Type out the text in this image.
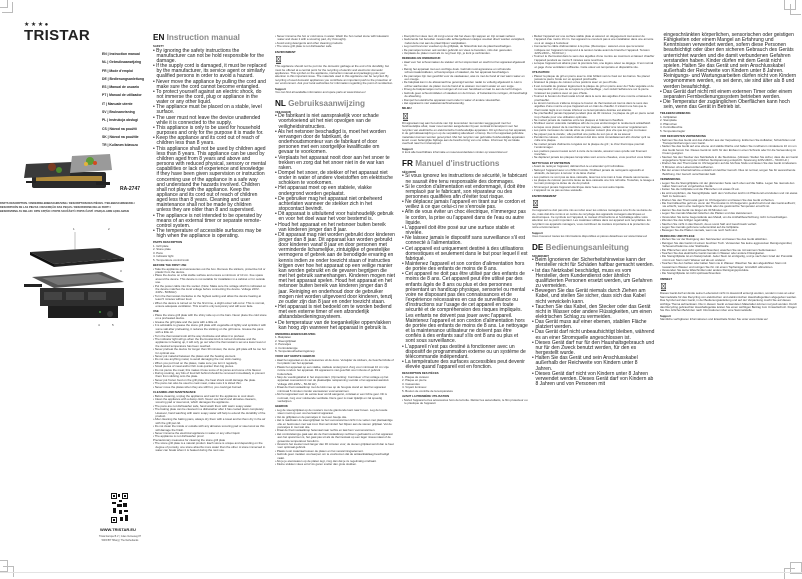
★★★●
TRISTAR
EN | Instruction manual
NL | Gebruiksaanwijzing
FR | Mode d'emploi
DE | Bedienungsanleitung
ES | Manual de usuario
PT | Manual de utilizador
IT | Manuale utente
SV | Bruksanvisning
PL | Instrukcja obsługi
CS | Návod na použití
SK | Návod na použitie
TR | Kullanım kılavuzu
RA-2747
PARTS DESCRIPTION / ONDERDELENBESCHRIJVING / DESCRIPTION DES PIÈCES / TEILEBESCHREIBUNG /
DESCRIPCIÓN DE LAS PIEZAS / DESCRIÇÃO DAS PEÇAS / DESCRIZIONE DELLE PARTI /
BESKRIVNING AV DELAR / OPIS CZĘŚCI / POPIS SOUČÁSTÍ / POPIS ČASTÍ / PARÇALARIN AÇIKLAMASI
1	2
3
4	5
WWW.TRISTAR.EU
Tristar Europe B.V. | Jules Verneweg 87
5015 BH Tilburg | The Netherlands
EN Instruction manual
SAFETY
• By ignoring the safety instructions the manufacturer can not be hold responsible for the damage.
• If the supply cord is damaged, it must be replaced by the manufacturer, its service agent or similarly qualified persons in order to avoid a hazard.
• Never move the appliance by pulling the cord and make sure the cord cannot become entangled.
• To protect yourself against an electric shock, do not immerse the cord, plug or appliance in the water or any other liquid.
• The appliance must be placed on a stable, level surface.
• The user must not leave the device unattended while it is connected to the supply.
• This appliance is only to be used for household purposes and only for the purpose it is made for.
• Keep the appliance and its cord out of reach of children less than 8 years.
• This appliance shall not be used by children aged less than 8 years. This appliance can be used by children aged from 8 years and above and persons with reduced physical, sensory or mental capabilities or lack of experience and knowledge if they have been given supervision or instruction concerning use of the appliance in a safe way and understand the hazards involved. Children shall not play with the appliance. Keep the appliance and its cord out of reach of children aged less than 8 years. Cleaning and user maintenance shall not be made by children unless they are older than 8 and supervised.
• The appliance is not intended to be operated by means of an external timer or separate remote-control system.
• The temperature of accessible surfaces may be high when the appliance is operating.
PARTS DESCRIPTION
1. Grill plate
2. Stone plate
3. Pans
4. Indicator light
5. Temperature control knob
BEFORE THE FIRST USE
• Take the appliance and accessories out the box. Remove the stickers, protective foil or plastic from the device.
• Place the device on a flat stable surface and ensure a minimum of 10 cm. free space around the device. This device is not suitable for installation in a cabinet or for outside use.
• Put the power cable into the socket. (Note: Make sure the voltage which is indicated on the device matches the local voltage before connecting the device. Voltage 220V-240V~ 50/60Hz)
• Turn the thermostat clockwise to the highest setting and allow the device heating at least 5 minutes without food.
• When the device is turned on for the first time, a slight odour will occur. This is normal, ensure adequate ventilation. This smell is only temporary and will soon fade.
USE
• Place the stone grill plate with the shiny side up on the bars. Never place the cold stone on a preheated device.
• Grease the grill plate and the pans with a little oil.
• It is advisable to grease the stone grill plate with vegetable oil lightly and sprinkle it with some salt after preheating, it reduces the sticking on the grill stone. Grease the pans with a little oil.
• Turn the thermostat knob all the way clockwise and allow it to preheat.
• The indicator light will go when the thermostat knob is turned clockwise and the appliance is heating up, it will only go out when the thermostat is set at a lower level or the desired temperature has been reached.
• Never preheat the device for longer than 30 minutes; the stone grill plate will be too hot for optimal use.
• Never put material between the plates and the heating element.
• Do not use anything metal, to avoid damaging the non stick coating.
• When you put food on the plates, make sure you turn it regularly.
• Small pieces of meat and/or fish cook quicker than big pieces.
• Do not pierce the meat; this makes it lose some of its juices and some of its flavour.
• During cooking, any bits of food left behind should be removed immediately to prevent them from sticking onto the plate.
• Never put frozen food on the grill plate, the heat shock could damage the plate.
• The pans can also be used to cook meat, make sure it is sliced thin.
• Never move the plates when they are still hot, you could get burned.
CLEANING AND MAINTENANCE
• Before cleaning, unplug the appliance and wait for the appliance to cool down.
• Clean the appliance with a damp cloth. Never use harsh and abrasive cleaners, scouring pad or steel wool, which damages the appliance.
• The pans are not dishwasher safe, hand wash them with warm soapy water.
• The baking plate can be cleaned in a dishwasher after it has cooled down completely. However, hand washing with warm soapy water will help to extend the durability of the product.
• After cleaning the baking pans, always dry them with a towel and let them dry in the air with the grill pan lid.
• Do not clean the inside or outside with any abrasive scouring pad or steel wool as this will damage the finish.
• Never immerse the electrical appliance in water or any other liquid.
• The appliance is not dishwasher proof.
Precautionary measures for cleaning the stone grill plate
• The stone grill plate is a natural product. Each stone is unique and depending on the degree of porosity, one stone absorbs more water than the other. A stone immersed in water can break when it is heated during the next use.
• Never immerse the hot or cold stone in water. Wash the hot cooled stone with lukewarm water and clean it with a scouring pad, dry thoroughly.
• Avoid using detergents and other cleaning products.
• The stone grill plate is not dishwasher safe.
ENVIRONMENT
This appliance should not be put into the domestic garbage at the end of its durability, but must be offered at a central point for the recycling of electric and electronic domestic appliances. This symbol on the appliance, instruction manual and packaging puts your attention to this important issue. The materials used in this appliance can be recycled. By recycling of used domestic appliances you contribute an important push to the protection of our environment. Ask your local authorities for information regarding the point of recollection.
Support
You can find all available information and spare parts at www.tristar.eu!
NL Gebruiksaanwijzing
VEILIGHEID
• De fabrikant is niet aansprakelijk voor schade voortvloeiend uit het niet opvolgen van de veiligheidsinstructies.
• Als het netsnoer beschadigd is, moet het worden vervangen door de fabrikant, de onderhoudsmonteur van de fabrikant of door personen met een soortgelijke kwalificatie om gevaar te voorkomen.
• Verplaats het apparaat nooit door aan het snoer te trekken en zorg dat het snoer niet in de war kan raken.
• Dompel het snoer, de stekker of het apparaat niet onder in water of andere vloeistoffen om elektrische schokken te voorkomen.
• Het apparaat moet op een stabiele, vlakke ondergrond worden geplaatst.
• De gebruiker mag het apparaat niet onbeheerd achterlaten wanneer de stekker zich in het stopcontact bevindt.
• Dit apparaat is uitsluitend voor huishoudelijk gebruik en voor het doel waar het voor bestemd is.
• Houd het apparaat en het netsnoer buiten bereik van kinderen jonger dan 8 jaar.
• Dit apparaat mag niet worden gebruikt door kinderen jonger dan 8 jaar. Dit apparaat kan worden gebruikt door kinderen vanaf 8 jaar en door personen met verminderde lichamelijke, zintuiglijke of geestelijke vermogens of gebrek aan de benodigde ervaring en kennis indien ze onder toezicht staan of instructies krijgen over hoe het apparaat op een veilige manier kan worden gebruikt en de gevaren begrijpen die met het gebruik samenhangen. Kinderen mogen niet met het apparaat spelen. Houd het apparaat en het netsnoer buiten bereik van kinderen jonger dan 8 jaar. Reiniging en onderhoud door de gebruiker mogen niet worden uitgevoerd door kinderen, tenzij ze ouder zijn dan 8 jaar en onder toezicht staan.
• Het apparaat is niet bedoeld om te worden bediend met een externe timer of een afzonderlijk afstandsbedieningssysteem.
• De temperatuur van de toegankelijke oppervlakken kan hoog zijn wanneer het apparaat in gebruik is.
ONDERDELENBESCHRIJVING
1. Bakplaten
2. Steengrilplaat
3. Pannetjes
4. Controlelampje
5. Temperatuurbedieningsknop
VOOR HET EERSTE GEBRUIK
• Haal het apparaat en de accessoires uit de doos. Verwijder de stickers, de beschermfolie of het plastic van het apparaat.
• Plaats het apparaat op een vlakke, stabiele ondergrond. Zorg voor minimaal 10 cm vrije ruimte rondom het apparaat. Dit apparaat is niet geschikt voor inbouw of gebruik buitenshuis.
• Stop de voedingskabel in het stopcontact. (Opmerking: Controleer of het voltage op het apparaat overeenkomt met de plaatselijke netspanning voordat u het apparaat aansluit. Voltage 220-240V~, 50-60 Hz)
• Draai de thermostaatknop met de klok mee op de hoogste stand en laat het apparaat minimaal 5 minuten zonder etenswaren voorverwarmen.
• Als het apparaat voor de eerste keer wordt aangezet, ontstaat er een lichte geur. Dit is normaal, zorg voor voldoende ventilatie. Deze geur is maar tijdelijk en zal spoedig verdwijnen.
GEBRUIK
• Leg de steengrilplaat op de roosters met de glanzende kant naar boven. Leg de koude steen nooit op een voorverwarmd apparaat.
• Vet de grillplaat en de pannetjes in met een beetje olie.
• Het is raadzaam de steengrilplaat na het voorverwarmen licht in te vetten met plantaardige olie en bestrooien met wat zout. Dat vermindert het blijven aan de stenen grilplaat. Vet de pannetjes in met wat olie.
• Draai de thermostaatknop helemaal naar rechts en laat hem voorverwarmen.
• Het controlelampje gaat aan als de thermostaatknop rechtsom gedraaid is en het apparaat aan het opwarmen is, het gaat pas uit als de thermostaat op een lager niveau staat of de gewenste temperatuur bereikt is.
• Verwarm het toestel nooit langer dan 30 minuten voor; de stenen grilplaat wordt dan te heet voor optimaal gebruik.
• Plaats nooit materiaal tussen de platen en het verwarmingselement.
• Gebruik geen metalen voorwerpen om te voorkomen dat de antiaanbaklaag beschadigd raakt.
• Als je je etenswaren op de platen legt, zorg dan dat je ze regelmatig omdraait.
• Kleine stukken vlees en/of vis garen sneller dan grote stukken.
• Doorprik het vlees niet; dit zorgt ervoor dat het vlees zijn sappen en zijn smaak verliest.
• Gedurende het bereiden moeten alle achtergebleven stukjes voedsel direct worden verwijderd, zodat deze niet aan de plaat blijven vastplakken.
• Leg nooit bevroren voedsel op de grillplaat, de hitteschok kan de plaat beschadigen.
• De pannetjes kunnen ook worden gebruikt om vlees te bereiden, mits dun gesneden.
• Verplaats de platen nooit als ze nog heet zijn, je kunt je verbranden.
REINIGING EN ONDERHOUD
• Haal voor het schoonmaken de stekker uit het stopcontact en wacht tot het apparaat afgekoeld is.
• Reinig het apparaat met een vochtige doek. Gebruik nooit agressieve en schurende schoonmaakmiddelen, schuursponsjes of staalwol, die het apparaat beschadigen.
• De pannetjes zijn niet geschikt voor de vaatwasser, was ze met de hand af met warm water en een zeepje.
• De bakplaat kan in de afwasmachine gereinigd worden nadat ze volledig afgekoeld is. Het is echter aanbevolen de platen met de hand af te wassen met warm water en een sopje.
• Droog de bakpannetjes na het reinigen af met een handdoek en laat ze aan de lucht drogen.
• Gebruik geen schuurmiddelen of staalwol om de binnen- of buitenkant te reinigen, dit beschadigt de afwerking.
• Dompel het elektrische apparaat nooit onder in water of andere vloeistoffen.
• Het apparaat is niet vaatwasmachinebestendig.
MILIEU
Dit apparaat mag aan het einde van zijn levensduur niet worden weggegooid met het huishoudelijke afval, maar moet worden aangeboden bij een centraal inzamelpunt voor het recyclen van elektrische en elektronische huishoudelijke apparaten. Dit symbool op het apparaat, in de gebruiksaanwijzing en op de verpakking attendeert u hierop. De in het apparaat gebruikte materialen kunnen worden gerecycled. Met het recyclen van gebruikte huishoudelijke apparaten levert u een belangrijke bijdrage aan de bescherming van ons milieu. Informeer bij uw lokale overheid naar het inzamelpunt.
Support
U kunt alle beschikbare informatie en reserveonderdelen vinden op www.tristar.eu!
FR Manuel d'instructions
SÉCURITÉ
• Si vous ignorez les instructions de sécurité, le fabricant ne saurait être tenu responsable des dommages.
• Si le cordon d'alimentation est endommagé, il doit être remplacé par le fabricant, son réparateur ou des personnes qualifiées afin d'éviter tout risque.
• Ne déplacez jamais l'appareil en tirant sur le cordon et veillez à ce que celui-ci ne s'enroule pas.
• Afin de vous éviter un choc électrique, n'immergez pas le cordon, la prise ou l'appareil dans de l'eau ou autre liquide.
• L'appareil doit être posé sur une surface stable et nivelée.
• Ne laissez jamais le dispositif sans surveillance s'il est connecté à l'alimentation.
• Cet appareil est uniquement destiné à des utilisations domestiques et seulement dans le but pour lequel il est fabriqué.
• Maintenez l'appareil et son cordon d'alimentation hors de portée des enfants de moins de 8 ans.
• Cet appareil ne doit pas être utilisé par des enfants de moins de 8 ans. Cet appareil peut être utilisé par des enfants âgés de 8 ans ou plus et des personnes présentant un handicap physique, sensoriel ou mental voire ne disposant pas des connaissances et de l'expérience nécessaires en cas de surveillance ou d'instructions sur l'usage de cet appareil en toute sécurité et de compréhension des risques impliqués. Les enfants ne doivent pas jouer avec l'appareil. Maintenez l'appareil et son cordon d'alimentation hors de portée des enfants de moins de 8 ans. Le nettoyage et la maintenance utilisateur ne doivent pas être confiés à des enfants sauf s'ils ont 8 ans ou plus et sont sous surveillance.
• L'appareil n'est pas destiné à fonctionner avec un dispositif de programmation externe ou un système de télécommande indépendant.
• La température des surfaces accessibles peut devenir élevée quand l'appareil est en fonction.
DESCRIPTION DES PIÈCES
1. Plaque de cuisson
2. Plaque en pierre
3. Casseroles
4. Voyant lumineux
5. Bouton de contrôle de la température
AVANT LA PREMIÈRE UTILISATION
• Sortez l'appareil et les accessoires hors de la boîte. Retirez les autocollants, le film protecteur ou le plastique de l'appareil.
• Mettez l'appareil sur une surface stable plate et assurez un dégagement tout autour de l'appareil d'au moins 10 cm. Cet appareil ne convient pas à une installation dans une armoire ou à un usage à l'extérieur.
• Connectez le câble d'alimentation à la prise. (Remarque : assurez-vous que la tension indiquée sur l'appareil correspond à la tension locale avant de brancher l'appareil. Tension 220V-240V~, 50-60 Hz.)
• Tournez le thermostat dans le sens des aiguilles d'une montre au maximum et laissez chauffer l'appareil pendant au moins 5 minutes sans nourriture.
• Lorsque l'appareil est allumé pour la première fois, une légère odeur se dégage. C'est normal et gage d'une ventilation suffisante. Cette odeur est temporaire et disparaîtra vite.
UTILISATION
• Placez la plaque de gril en pierre avec le côté brillant vers le haut sur les barres. Ne placez jamais la pierre froide sur un appareil préchauffé.
• Graissez la plaque de cuisson et les poêlons avec un peu d'huile.
• Il est conseillé de graisser légèrement la plaque de gril en pierre avec de l'huile végétale et de la saupoudrer d'un peu de sel après le préchauffage ; ceci réduit l'adhérence sur la pierre. Graissez les poêlons avec un peu d'huile.
• Tournez le bouton du thermostat à fond dans le sens des aiguilles d'une montre et laissez-le préchauffer.
• Le témoin lumineux s'allume lorsque le bouton du thermostat est tourné dans le sens des aiguilles d'une montre et que l'appareil est en train de chauffer. Il s'éteint une fois que le thermostat réglé à un niveau inférieur ou la température désirée est atteinte.
• Ne préchauffez jamais l'appareil pendant plus de 30 minutes ; la plaque de gril en pierre serait trop chaude pour une utilisation optimale.
• Ne mettez jamais de matériau entre les plaques et l'élément chauffant.
• N'utilisez aucun ustensile métallique afin de ne pas endommager le revêtement antiadhésif.
• Lorsque vous placez de la nourriture sur les plaques, veillez à la retourner régulièrement.
• Les petits morceaux de viande et/ou de poisson cuisent plus vite que les gros morceaux.
• Ne piquez pas la viande ; elle perdrait une partie de son jus et de sa saveur.
• Pendant la cuisson, tout résidu d'aliment doit être retiré immédiatement afin d'éviter qu'il ne colle à la plaque.
• Ne mettez jamais d'aliments congelés sur la plaque de gril ; le choc thermique pourrait l'endommager.
• Les poêlons peuvent aussi servir à cuire de la viande, assurez-vous qu'elle soit finement tranchée.
• Ne déplacez jamais les plaques lorsqu'elles sont encore chaudes, vous pourriez vous brûler.
NETTOYAGE ET ENTRETIEN
• Avant de nettoyer l'appareil, débranchez-le et attendez qu'il refroidisse.
• Nettoyez l'appareil avec un chiffon humide. N'utilisez jamais de nettoyants agressifs et abrasifs, de tampon à récurer ni de laine d'acier.
• Les poêlons ne vont pas au lave-vaisselle, lavez-les à la main à l'eau chaude savonneuse.
• La plaque de cuisson peut être lavée au lave-vaisselle une fois refroidie. Toutefois, le lavage à la main prolonge la durée de vie du produit.
• N'immergez jamais l'appareil électrique dans l'eau ou tout autre liquide.
• L'appareil ne va pas au lave-vaisselle.
ENVIRONNEMENT
Cet appareil ne doit pas être mis au rebut avec les ordures ménagères à la fin de sa durée de vie, mais doit être remis à un centre de recyclage des appareils ménagers électriques et électroniques. Ce symbole sur l'appareil, le manuel d'instructions et l'emballage attire votre attention sur ce point important. Les matériaux utilisés dans cet appareil sont recyclables. En recyclant vos appareils ménagers, vous contribuez de manière importante à la protection de notre environnement.
Support
Vous trouverez toutes les informations disponibles et pièces détachées sur www.tristar.eu!
DE Bedienungsanleitung
SICHERHEIT
• Beim Ignorieren der Sicherheitshinweise kann der Hersteller nicht für Schäden haftbar gemacht werden.
• Ist das Netzkabel beschädigt, muss es vom Hersteller, dem Kundendienst oder ähnlich qualifizierten Personen ersetzt werden, um Gefahren zu vermeiden.
• Bewegen Sie das Gerät niemals durch Ziehen am Kabel, und stellen Sie sicher, dass sich das Kabel nicht verwickeln kann.
• Tauchen Sie das Kabel, den Stecker oder das Gerät nicht in Wasser oder andere Flüssigkeiten, um einen elektrischen Schlag zu vermeiden.
• Das Gerät muss auf einer ebenen, stabilen Fläche platziert werden.
• Das Gerät darf nicht unbeaufsichtigt bleiben, während es an einer Stromquelle angeschlossen ist.
• Dieses Gerät darf nur für den Haushaltsgebrauch und nur für den Zweck benutzt werden, für den es hergestellt wurde.
• Halten Sie das Gerät und sein Anschlusskabel außerhalb der Reichweite von Kindern unter 8 Jahren.
• Dieses Gerät darf nicht von Kindern unter 8 Jahren verwendet werden. Dieses Gerät darf von Kindern ab 8 Jahren und von Personen mit
eingeschränkten körperlichen, sensorischen oder geistigen Fähigkeiten oder einem Mangel an Erfahrung und Kenntnissen verwendet werden, sofern diese Personen beaufsichtigt oder über den sicheren Gebrauch des Geräts unterrichtet wurden und die damit verbundenen Gefahren verstanden haben. Kinder dürfen mit dem Gerät nicht spielen. Halten Sie das Gerät und sein Anschlusskabel außerhalb der Reichweite von Kindern unter 8 Jahren. Reinigungs- und Wartungsarbeiten dürfen nicht von Kindern vorgenommen werden, es sei denn, sie sind älter als 8 und werden beaufsichtigt.
• Das Gerät darf nicht mit einem externen Timer oder einem separaten Fernbedienungssystem betrieben werden.
• Die Temperatur der zugänglichen Oberflächen kann hoch sein, wenn das Gerät in Betrieb ist.
TEILEBESCHREIBUNG
1. Grillplatten
2. Steinplatte
3. Pfännchen
4. Kontrollleuchte
5. Temperaturregler
VOR DER ERSTEN VERWENDUNG
• Nehmen Sie das Gerät und das Zubehör aus der Verpackung. Entfernen Sie Aufkleber, Schutzfolien und Transportsicherungen vom Gerät.
• Stellen Sie das Gerät auf eine ebene und stabile Fläche und halten Sie rundherum mindestens 10 cm um das Gerät herum frei. Dieses Gerät ist nicht für den Einbau in einen Schrank oder für die Verwendung im Freien geeignet.
• Stecken Sie den Stecker des Netzkabels in die Steckdose. (Hinweis: Stellen Sie sicher, dass die am Gerät angegebene Spannung der örtlichen Netzspannung entspricht. Spannung 220V-240V~, 50-60 Hz.)
• Drehen Sie den Thermostat im Uhrzeigersinn auf die höchste Stufe und lassen Sie das Gerät mindestens 5 Minuten ohne Lebensmittel aufheizen.
• Bei der ersten Inbetriebnahme entsteht ein leichter Geruch. Dies ist normal, sorgen Sie für ausreichende Belüftung. Der Geruch verschwindet bald.
VERWENDUNG
• Legen Sie die Steingrillplatte mit der glänzenden Seite nach oben auf die Stäbe. Legen Sie niemals den kalten Stein auf ein vorgeheiztes Gerät.
• Fetten Sie die Grillplatte und die Pfännchen mit etwas Öl ein.
• Es wird empfohlen, die Steingrillplatte nach dem Vorheizen leicht mit Pflanzenöl einzufetten und mit etwas Salz zu bestreuen.
• Drehen Sie den Thermostat ganz im Uhrzeigersinn und lassen Sie das Gerät vorheizen.
• Die Kontrollleuchte geht an, wenn der Thermostat im Uhrzeigersinn gedreht wird und das Gerät aufheizt; sie erlischt, wenn eine niedrigere Stufe oder die gewünschte Temperatur erreicht ist.
• Heizen Sie das Gerät nie länger als 30 Minuten vor.
• Legen Sie niemals Material zwischen die Platten und das Heizelement.
• Verwenden Sie keine Gegenstände aus Metall, um die Antihaftbeschichtung nicht zu beschädigen.
• Wenden Sie das Grillgut regelmäßig.
• Stechen Sie nicht in das Fleisch, da es sonst Saft und Geschmack verliert.
• Legen Sie niemals gefrorene Lebensmittel auf die Grillplatte.
• Bewegen Sie die Platten niemals, wenn sie noch heiß sind.
REINIGUNG UND PFLEGE
• Ziehen Sie vor der Reinigung den Netzstecker und lassen Sie das Gerät abkühlen.
• Reinigen Sie das Gerät mit einem feuchten Tuch. Verwenden Sie keine aggressiven Reinigungsmittel, Scheuerschwämme oder Stahlwolle.
• Die Pfännchen sind nicht spülmaschinenfest; waschen Sie sie mit warmem Seifenwasser.
• Tauchen Sie das elektrische Gerät niemals in Wasser oder andere Flüssigkeiten.
• Die Steingrillplatte ist ein Naturprodukt. Jeder Stein ist einzigartig, und je nach dem Grad der Porosität nimmt ein Stein mehr Wasser auf als ein anderer.
• Tauchen Sie den heißen oder kalten Stein nie in Wasser. Waschen Sie den abgekühlten Stein mit lauwarmem Wasser und reinigen Sie ihn mit einem Topfreiniger. Gründlich abtrocknen.
• Verwenden Sie keine Waschmittel oder andere Reinigungsprodukte.
• Die Steingrillplatte ist nicht spülmaschinenfest.
UMWELT
Dieses Gerät darf am Ende seiner Lebenszeit nicht im Hausmüll entsorgt werden, sondern muss an einer Sammelstelle für das Recycling von elektrischen und elektronischen Haushaltsgeräten abgegeben werden. Das Symbol auf dem Gerät, in der Bedienungsanleitung und auf der Verpackung macht Sie auf dieses wichtige Thema aufmerksam. Die in diesem Gerät verwendeten Materialien können recycelt werden. Durch das Recycling gebrauchter Haushaltsgeräte leisten Sie einen wichtigen Beitrag zum Umweltschutz. Fragen Sie Ihre örtlichen Behörden nach Informationen über eine Sammelstelle.
Support
Sämtliche verfügbaren Informationen und Ersatzteile finden Sie unter www.tristar.eu!
